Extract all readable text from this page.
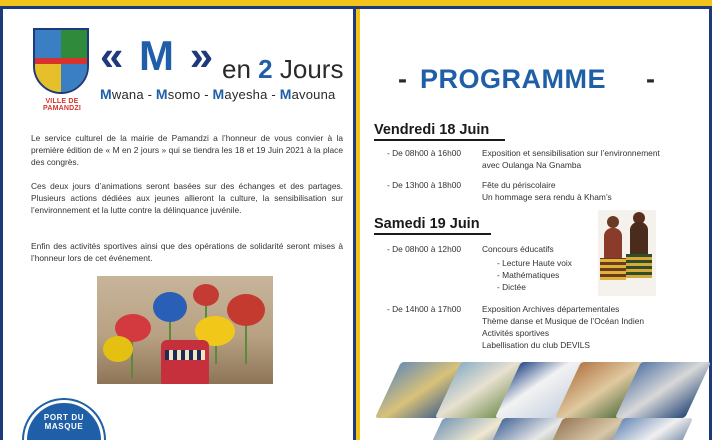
VILLE DE PAMANDZI
« M » en 2 Jours
Mwana - Msomo - Mayesha - Mavouna

Le service culturel de la mairie de Pamandzi a l’honneur de vous convier à la première édition de « M en 2 jours » qui se tiendra les 18 et 19 Juin 2021 à la place des congrès.

Ces deux jours d’animations seront basées sur des échanges et des partages. Plusieurs actions dédiées aux jeunes allieront la culture, la sensibilisation sur l’environnement et la lutte contre la délinquance juvénile.

Enfin des activités sportives ainsi que des opérations de solidarité seront mises à l’honneur lors de cet événement.

PORT DU MASQUE
- PROGRAMME -
Vendredi 18 Juin
- De 08h00 à 16h00 Exposition et sensibilisation sur l’environnement
avec Oulanga Na Gnamba
- De 13h00 à 18h00 Fête du périscolaire
Un hommage sera rendu à Kham’s
Samedi 19 Juin
- De 08h00 à 12h00 Concours éducatifs
- Lecture Haute voix
- Mathématiques
- Dictée
- De 14h00 à 17h00 Exposition Archives départementales
Thème danse et Musique de l’Océan Indien
Activités sportives
Labellisation du club DEVILS
